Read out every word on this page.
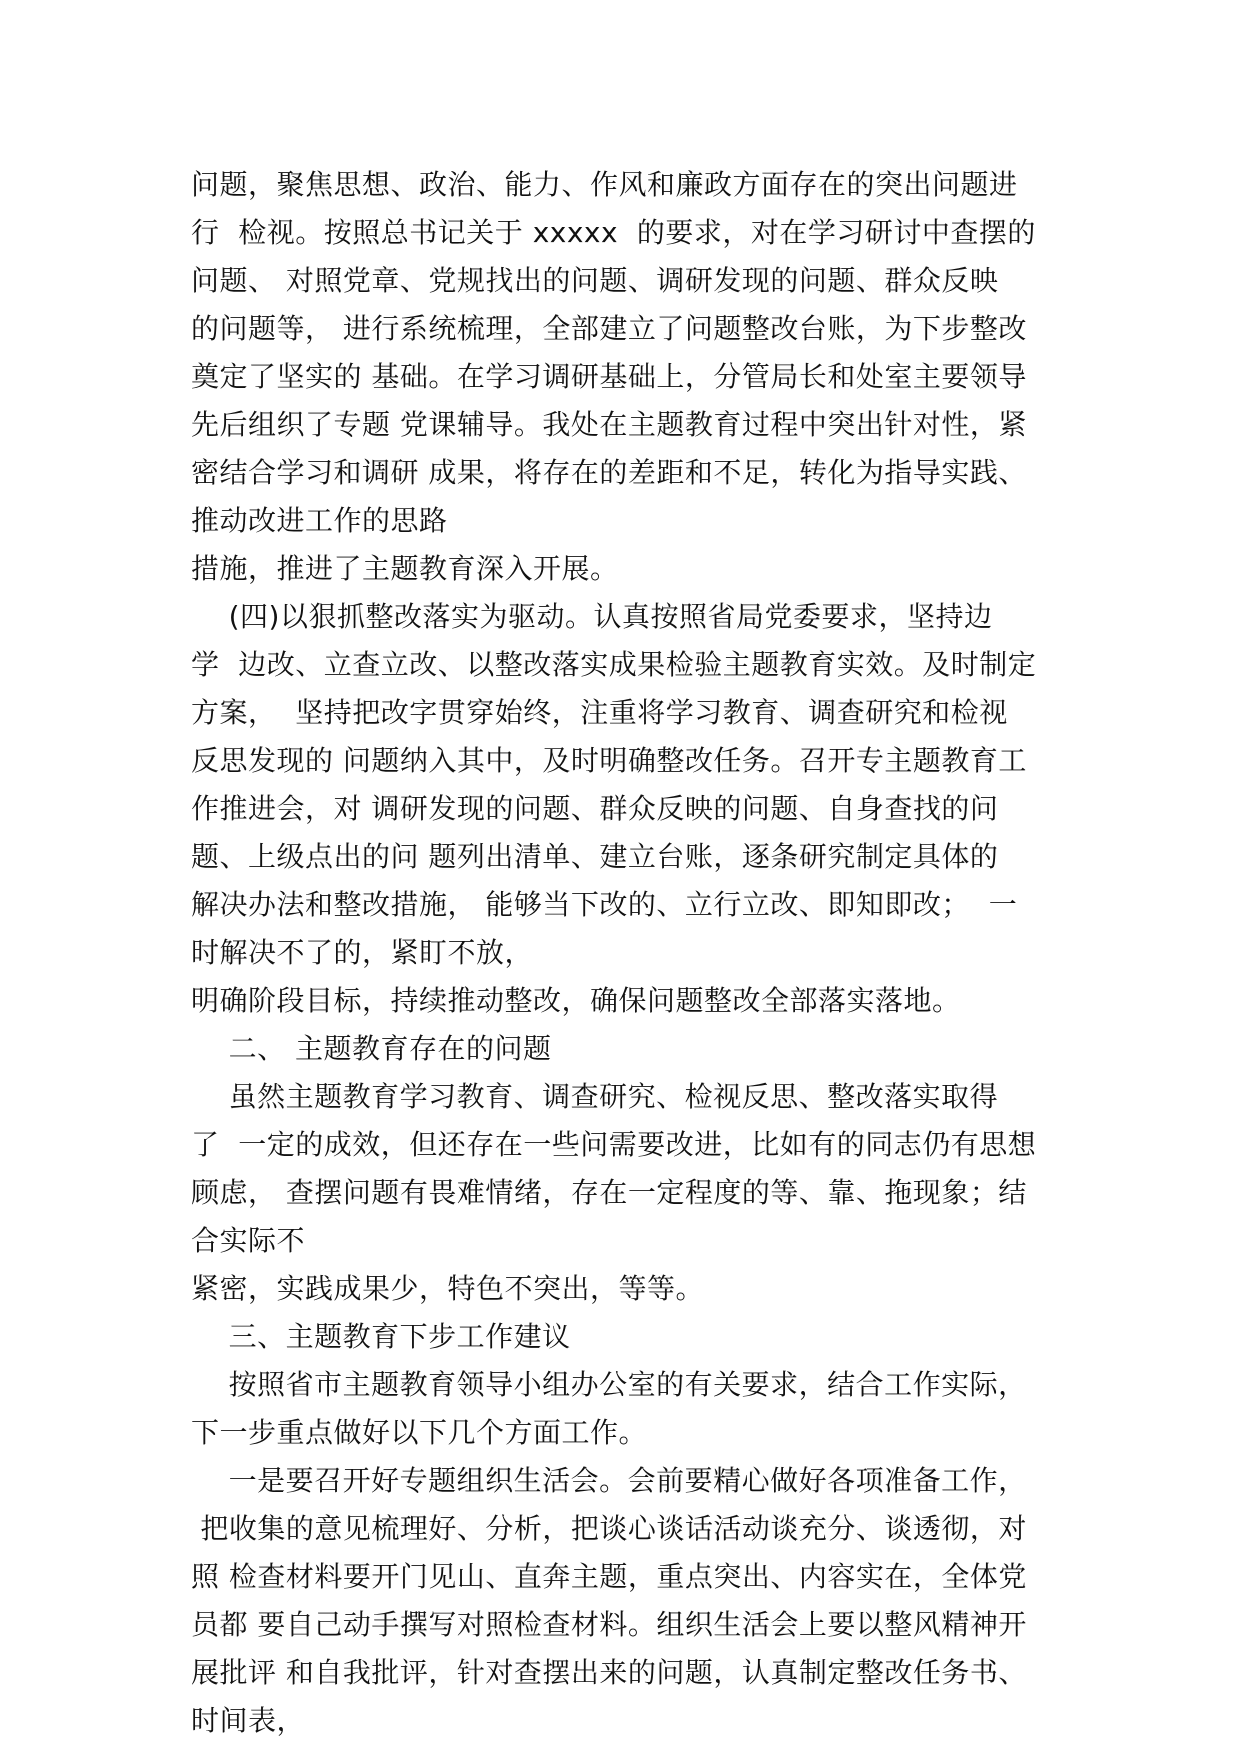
问题，聚焦思想、政治、能力、作风和廉政方面存在的突出问题进
行  检视。按照总书记关于 xxxxx  的要求，对在学习研讨中查摆的
问题、 对照党章、党规找出的问题、调研发现的问题、群众反映
的问题等， 进行系统梳理，全部建立了问题整改台账，为下步整改
奠定了坚实的 基础。在学习调研基础上，分管局长和处室主要领导
先后组织了专题 党课辅导。我处在主题教育过程中突出针对性，紧
密结合学习和调研 成果，将存在的差距和不足，转化为指导实践、
推动改进工作的思路
措施，推进了主题教育深入开展。
(四)以狠抓整改落实为驱动。认真按照省局党委要求，坚持边
学  边改、立查立改、以整改落实成果检验主题教育实效。及时制定
方案，  坚持把改字贯穿始终，注重将学习教育、调查研究和检视
反思发现的 问题纳入其中，及时明确整改任务。召开专主题教育工
作推进会，对 调研发现的问题、群众反映的问题、自身查找的问
题、上级点出的问 题列出清单、建立台账，逐条研究制定具体的
解决办法和整改措施， 能够当下改的、立行立改、即知即改；  一
时解决不了的，紧盯不放，
明确阶段目标，持续推动整改，确保问题整改全部落实落地。
二、 主题教育存在的问题
虽然主题教育学习教育、调查研究、检视反思、整改落实取得
了  一定的成效，但还存在一些问需要改进，比如有的同志仍有思想
顾虑， 查摆问题有畏难情绪，存在一定程度的等、靠、拖现象；结
合实际不
紧密，实践成果少，特色不突出，等等。
三、主题教育下步工作建议
按照省市主题教育领导小组办公室的有关要求，结合工作实际，
下一步重点做好以下几个方面工作。
一是要召开好专题组织生活会。会前要精心做好各项准备工作，
把收集的意见梳理好、分析，把谈心谈话活动谈充分、谈透彻，对
照 检查材料要开门见山、直奔主题，重点突出、内容实在，全体党
员都 要自己动手撰写对照检查材料。组织生活会上要以整风精神开
展批评 和自我批评，针对查摆出来的问题，认真制定整改任务书、
时间表，
